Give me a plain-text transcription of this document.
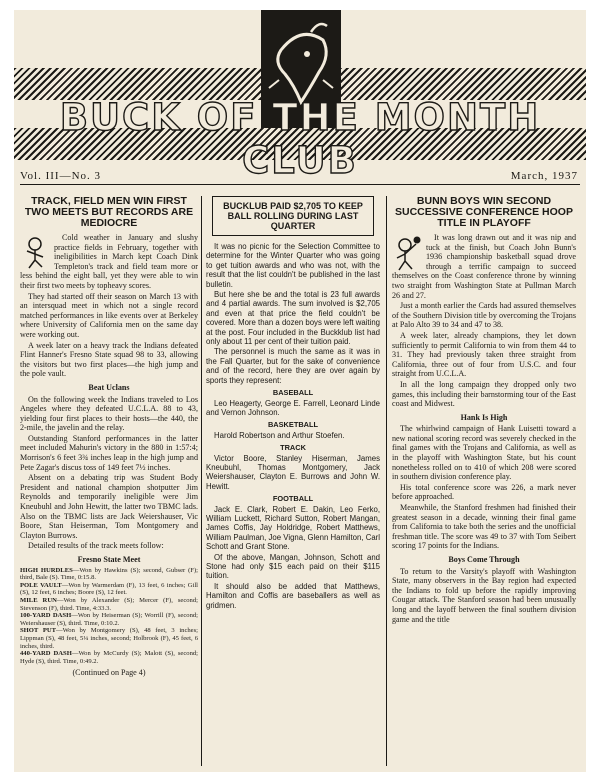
BUCK OF THE MONTH CLUB
Vol. III—No. 3	March, 1937
TRACK, FIELD MEN WIN FIRST TWO MEETS BUT RECORDS ARE MEDIOCRE

Cold weather in January and slushy practice fields in February, together with ineligibilities in March kept Coach Dink Templeton's track and field team more or less behind the eight ball, yet they were able to win their first two meets by topheavy scores.

They had started off their season on March 13 with an intersquad meet in which not a single record matched performances in like events over at Berkeley where University of California men on the same day were working out.

A week later on a heavy track the Indians defeated Flint Hanner's Fresno State squad 98 to 33, allowing the visitors but two first places—the high jump and the pole vault.

Beat Uclans

On the following week the Indians traveled to Los Angeles where they defeated U.C.L.A. 88 to 43, yielding four first places to their hosts—the 440, the 2-mile, the javelin and the relay.

Outstanding Stanford performances in the latter meet included Mahurin's victory in the 880 in 1:57:4; Morrison's 6 feet 3¾ inches leap in the high jump and Pete Zagar's discus toss of 149 feet 7½ inches.

Absent on a debating trip was Student Body President and national champion shotputter Jim Reynolds and temporarily ineligible were Jim Kneubuhl and John Hewitt, the latter two TBMC lads. Also on the TBMC lists are Jack Weiershauser, Vic Boore, Stan Heiserman, Tom Montgomery and Clayton Burrows.

Detailed results of the track meets follow:

Fresno State Meet

HIGH HURDLES—Won by Hawkins (S); second, Gubser (F); third, Bale (S). Time, 0:15.8.

POLE VAULT—Won by Warmerdam (F), 13 feet, 6 inches; Gill (S), 12 feet, 6 inches; Boore (S), 12 feet.

MILE RUN—Won by Alexander (S); Mercer (F), second; Stevenson (F), third. Time, 4:33.3.

100-YARD DASH—Won by Heiserman (S); Worrill (F), second; Weiershauser (S), third. Time, 0:10.2.

SHOT PUT—Won by Montgomery (S), 48 feet, 3 inches; Lippman (S), 48 feet, 5¼ inches, second; Holbrook (F), 45 feet, 6 inches, third.

440-YARD DASH—Won by McCurdy (S); Malott (S), second; Hyde (S), third. Time, 0:49.2.

(Continued on Page 4)
BUCKLUB PAID $2,705 TO KEEP BALL ROLLING DURING LAST QUARTER

It was no picnic for the Selection Committee to determine for the Winter Quarter who was going to get tuition awards and who was not, with the result that the list couldn't be published in the last bulletin.

But here she be and the total is 23 full awards and 4 partial awards. The sum involved is $2,705 and even at that price the field couldn't be covered. More than a dozen boys were left waiting at the post. Four included in the Buckklub list had only about 11 per cent of their tuition paid.

The personnel is much the same as it was in the Fall Quarter, but for the sake of convenience and of the record, here they are over again by sports they represent:

BASEBALL

Leo Heagerty, George E. Farrell, Leonard Linde and Vernon Johnson.

BASKETBALL

Harold Robertson and Arthur Stoefen.

TRACK

Victor Boore, Stanley Hiserman, James Kneubuhl, Thomas Montgomery, Jack Weiershauser, Clayton E. Burrows and John W. Hewitt.

FOOTBALL

Jack E. Clark, Robert E. Dakin, Leo Ferko, William Luckett, Richard Sutton, Robert Mangan, James Coffis, Jay Holdridge, Robert Matthews, William Paulman, Joe Vigna, Glenn Hamilton, Carl Schott and Grant Stone.

Of the above, Mangan, Johnson, Schott and Stone had only $15 each paid on their $115 tuition.

It should also be added that Matthews, Hamilton and Coffis are baseballers as well as gridmen.

BUNN BOYS WIN SECOND SUCCESSIVE CONFERENCE HOOP TITLE IN PLAYOFF

It was long drawn out and it was nip and tuck at the finish, but Coach John Bunn's 1936 championship basketball squad drove through a terrific campaign to succeed themselves on the Coast conference throne by winning two straight from Washington State at Pullman March 26 and 27.

Just a month earlier the Cards had assured themselves of the Southern Division title by overcoming the Trojans at Palo Alto 39 to 34 and 47 to 38.

A week later, already champions, they let down sufficiently to permit California to win from them 44 to 31. They had previously taken three straight from California, three out of four from U.S.C. and four straight from U.C.L.A.

In all the long campaign they dropped only two games, this including their barnstorming tour of the East coast and Midwest.

Hank Is High

The whirlwind campaign of Hank Luisetti toward a new national scoring record was severely checked in the final games with the Trojans and California, as well as in the playoff with Washington State, but his count nonetheless rolled on to 410 of which 208 were scored in southern division conference play.

His total conference score was 226, a mark never before approached.

Meanwhile, the Stanford freshmen had finished their greatest season in a decade, winning their final game from California to take both the series and the unofficial freshman title. The score was 49 to 37 with Tom Seibert scoring 17 points for the Indians.

Boys Come Through

To return to the Varsity's playoff with Washington State, many observers in the Bay region had expected the Indians to fold up before the rapidly improving Cougar attack. The Stanford season had been unusually long and the layoff between the final southern division game and the title
